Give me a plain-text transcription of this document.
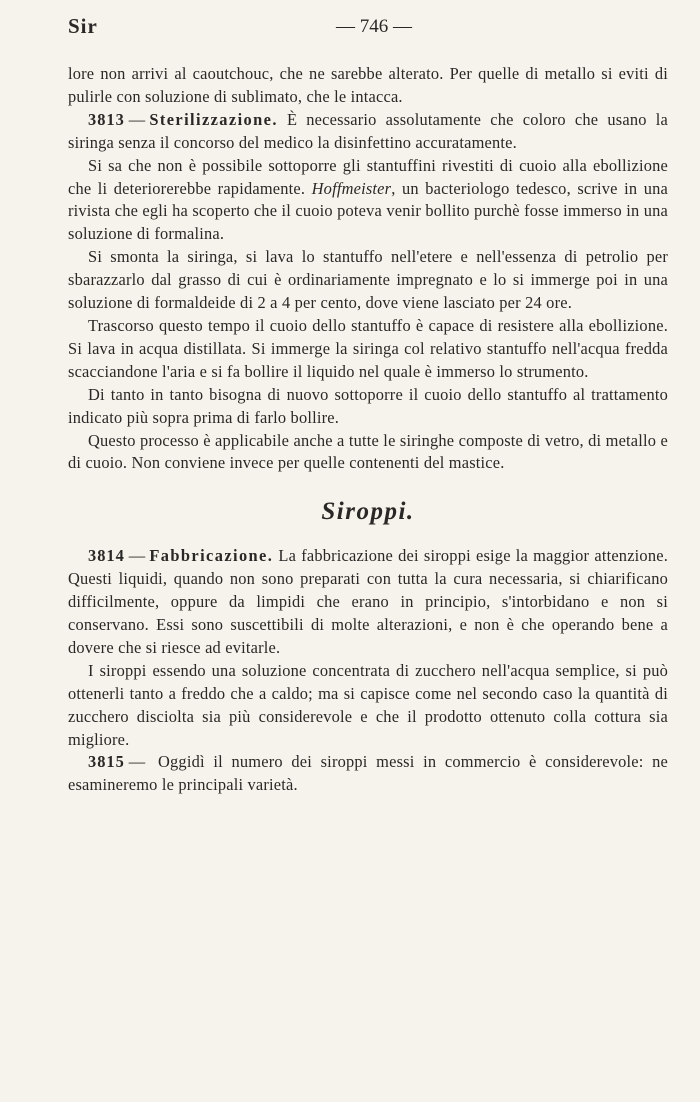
Sir	— 746 —

lore non arrivi al caoutchouc, che ne sarebbe alterato. Per quelle di metallo si eviti di pulirle con soluzione di sublimato, che le intacca.

3813 — Sterilizzazione. È necessario assolutamente che coloro che usano la siringa senza il concorso del medico la disinfettino accuratamente.

Si sa che non è possibile sottoporre gli stantuffini rivestiti di cuoio alla ebollizione che li deteriorerebbe rapidamente. Hoffmeister, un bacteriologo tedesco, scrive in una rivista che egli ha scoperto che il cuoio poteva venir bollito purchè fosse immerso in una soluzione di formalina.

Si smonta la siringa, si lava lo stantuffo nell'etere e nell'essenza di petrolio per sbarazzarlo dal grasso di cui è ordinariamente impregnato e lo si immerge poi in una soluzione di formaldeide di 2 a 4 per cento, dove viene lasciato per 24 ore.

Trascorso questo tempo il cuoio dello stantuffo è capace di resistere alla ebollizione. Si lava in acqua distillata. Si immerge la siringa col relativo stantuffo nell'acqua fredda scacciandone l'aria e si fa bollire il liquido nel quale è immerso lo strumento.

Di tanto in tanto bisogna di nuovo sottoporre il cuoio dello stantuffo al trattamento indicato più sopra prima di farlo bollire.

Questo processo è applicabile anche a tutte le siringhe composte di vetro, di metallo e di cuoio. Non conviene invece per quelle contenenti del mastice.

Siroppi.

3814 — Fabbricazione. La fabbricazione dei siroppi esige la maggior attenzione. Questi liquidi, quando non sono preparati con tutta la cura necessaria, si chiarificano difficilmente, oppure da limpidi che erano in principio, s'intorbidano e non si conservano. Essi sono suscettibili di molte alterazioni, e non è che operando bene a dovere che si riesce ad evitarle.

I siroppi essendo una soluzione concentrata di zucchero nell'acqua semplice, si può ottenerli tanto a freddo che a caldo; ma si capisce come nel secondo caso la quantità di zucchero disciolta sia più considerevole e che il prodotto ottenuto colla cottura sia migliore.

3815 — Oggidì il numero dei siroppi messi in commercio è considerevole: ne esamineremo le principali varietà.
